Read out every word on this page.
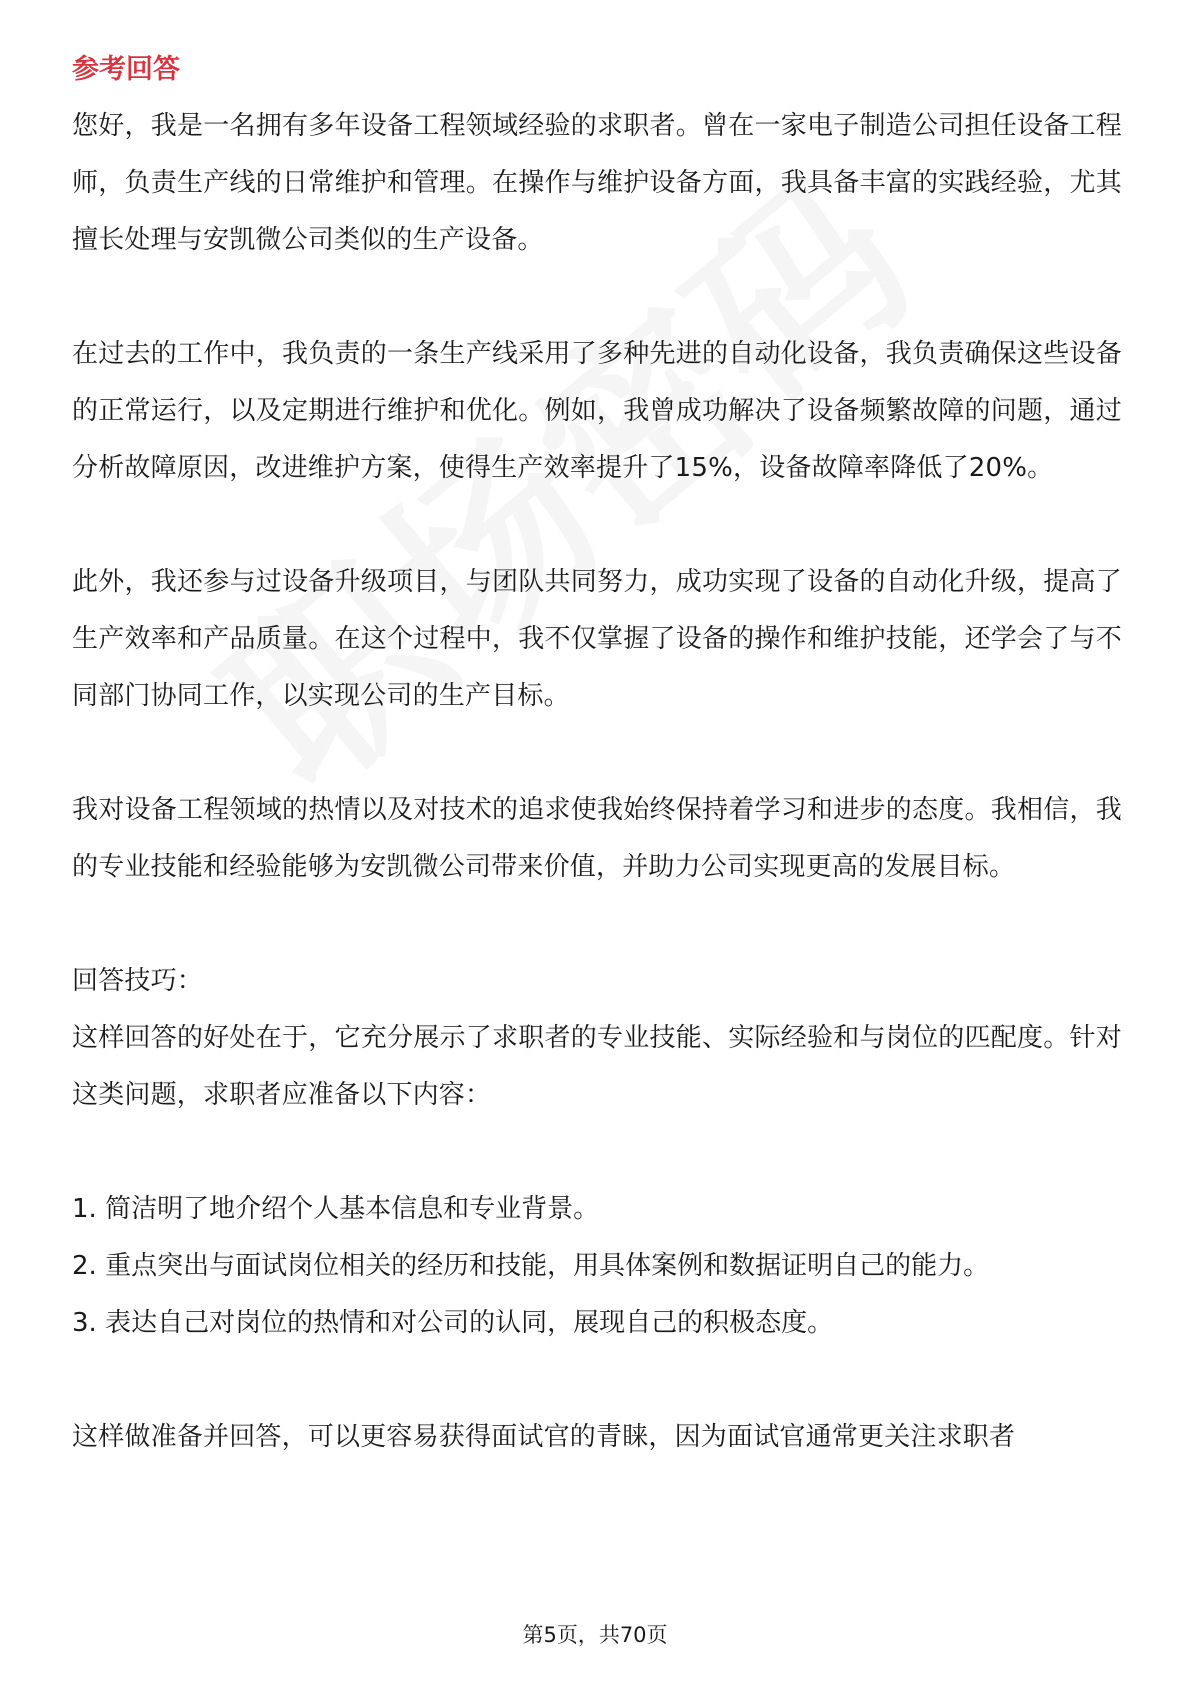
参考回答

您好，我是一名拥有多年设备工程领域经验的求职者。曾在一家电子制造公司担任设备工程师，负责生产线的日常维护和管理。在操作与维护设备方面，我具备丰富的实践经验，尤其擅长处理与安凯微公司类似的生产设备。

在过去的工作中，我负责的一条生产线采用了多种先进的自动化设备，我负责确保这些设备的正常运行，以及定期进行维护和优化。例如，我曾成功解决了设备频繁故障的问题，通过分析故障原因，改进维护方案，使得生产效率提升了15%，设备故障率降低了20%。

此外，我还参与过设备升级项目，与团队共同努力，成功实现了设备的自动化升级，提高了生产效率和产品质量。在这个过程中，我不仅掌握了设备的操作和维护技能，还学会了与不同部门协同工作，以实现公司的生产目标。

我对设备工程领域的热情以及对技术的追求使我始终保持着学习和进步的态度。我相信，我的专业技能和经验能够为安凯微公司带来价值，并助力公司实现更高的发展目标。

回答技巧：

这样回答的好处在于，它充分展示了求职者的专业技能、实际经验和与岗位的匹配度。针对这类问题，求职者应准备以下内容：

1. 简洁明了地介绍个人基本信息和专业背景。

2. 重点突出与面试岗位相关的经历和技能，用具体案例和数据证明自己的能力。

3. 表达自己对岗位的热情和对公司的认同，展现自己的积极态度。

这样做准备并回答，可以更容易获得面试官的青睐，因为面试官通常更关注求职者

第5页，共70页
